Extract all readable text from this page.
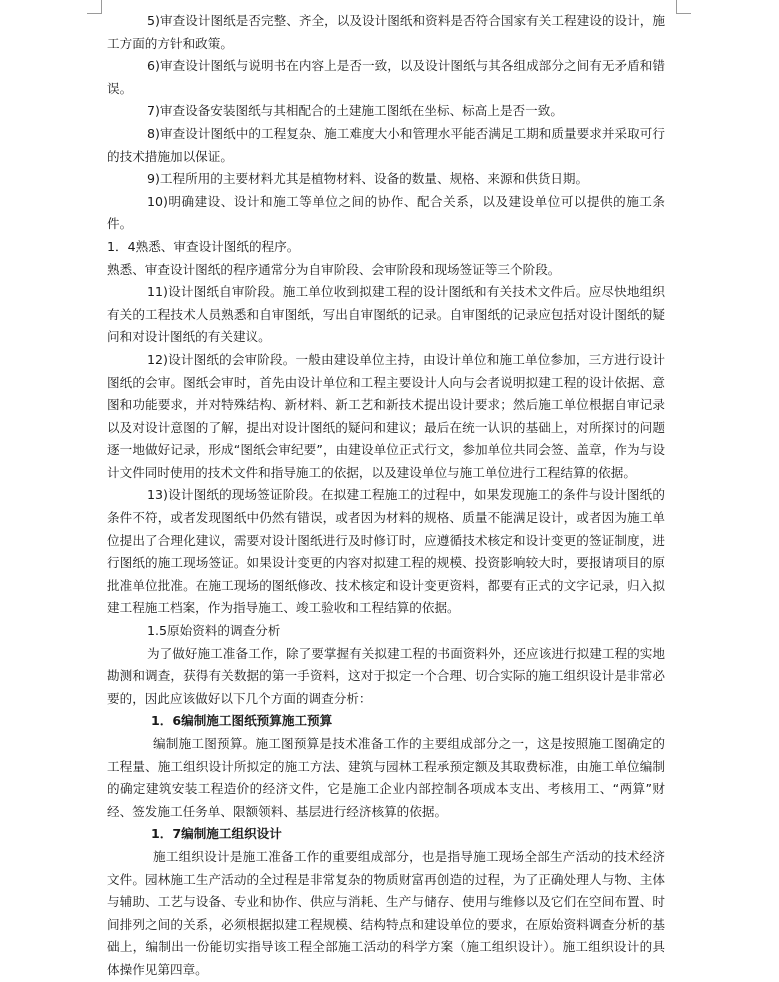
5)审查设计图纸是否完整、齐全，以及设计图纸和资料是否符合国家有关工程建设的设计，施工方面的方针和政策。

6)审查设计图纸与说明书在内容上是否一致，以及设计图纸与其各组成部分之间有无矛盾和错误。

7)审查设备安装图纸与其相配合的土建施工图纸在坐标、标高上是否一致。

8)审查设计图纸中的工程复杂、施工难度大小和管理水平能否满足工期和质量要求并采取可行的技术措施加以保证。

9)工程所用的主要材料尤其是植物材料、设备的数量、规格、来源和供货日期。

10)明确建设、设计和施工等单位之间的协作、配合关系，以及建设单位可以提供的施工条件。

1．4熟悉、审查设计图纸的程序。

熟悉、审查设计图纸的程序通常分为自审阶段、会审阶段和现场签证等三个阶段。

11)设计图纸自审阶段。施工单位收到拟建工程的设计图纸和有关技术文件后。应尽快地组织有关的工程技术人员熟悉和自审图纸，写出自审图纸的记录。自审图纸的记录应包括对设计图纸的疑问和对设计图纸的有关建议。

12)设计图纸的会审阶段。一般由建设单位主持，由设计单位和施工单位参加，三方进行设计图纸的会审。图纸会审时，首先由设计单位和工程主要设计人向与会者说明拟建工程的设计依据、意图和功能要求，并对特殊结构、新材料、新工艺和新技术提出设计要求；然后施工单位根据自审记录以及对设计意图的了解，提出对设计图纸的疑问和建议；最后在统一认识的基础上，对所探讨的问题逐一地做好记录，形成“图纸会审纪要”，由建设单位正式行文，参加单位共同会签、盖章，作为与设计文件同时使用的技术文件和指导施工的依据，以及建设单位与施工单位进行工程结算的依据。

13)设计图纸的现场签证阶段。在拟建工程施工的过程中，如果发现施工的条件与设计图纸的条件不符，或者发现图纸中仍然有错误，或者因为材料的规格、质量不能满足设计，或者因为施工单位提出了合理化建议，需要对设计图纸进行及时修订时，应遵循技术核定和设计变更的签证制度，进行图纸的施工现场签证。如果设计变更的内容对拟建工程的规模、投资影响较大时，要报请项目的原批准单位批准。在施工现场的图纸修改、技术核定和设计变更资料，都要有正式的文字记录，归入拟建工程施工档案，作为指导施工、竣工验收和工程结算的依据。

1.5原始资料的调查分析

为了做好施工准备工作，除了要掌握有关拟建工程的书面资料外，还应该进行拟建工程的实地勘测和调查，获得有关数据的第一手资料，这对于拟定一个合理、切合实际的施工组织设计是非常必要的，因此应该做好以下几个方面的调查分析：

1．6编制施工图纸预算施工预算

编制施工图预算。施工图预算是技术准备工作的主要组成部分之一，这是按照施工图确定的工程量、施工组织设计所拟定的施工方法、建筑与园林工程承预定额及其取费标准，由施工单位编制的确定建筑安装工程造价的经济文件，它是施工企业内部控制各项成本支出、考核用工、“两算”财经、签发施工任务单、限额领料、基层进行经济核算的依据。

1．7编制施工组织设计

施工组织设计是施工准备工作的重要组成部分，也是指导施工现场全部生产活动的技术经济文件。园林施工生产活动的全过程是非常复杂的物质财富再创造的过程，为了正确处理人与物、主体与辅助、工艺与设备、专业和协作、供应与消耗、生产与储存、使用与维修以及它们在空间布置、时间排列之间的关系，必须根据拟建工程规模、结构特点和建设单位的要求，在原始资料调查分析的基础上，编制出一份能切实指导该工程全部施工活动的科学方案（施工组织设计）。施工组织设计的具体操作见第四章。
